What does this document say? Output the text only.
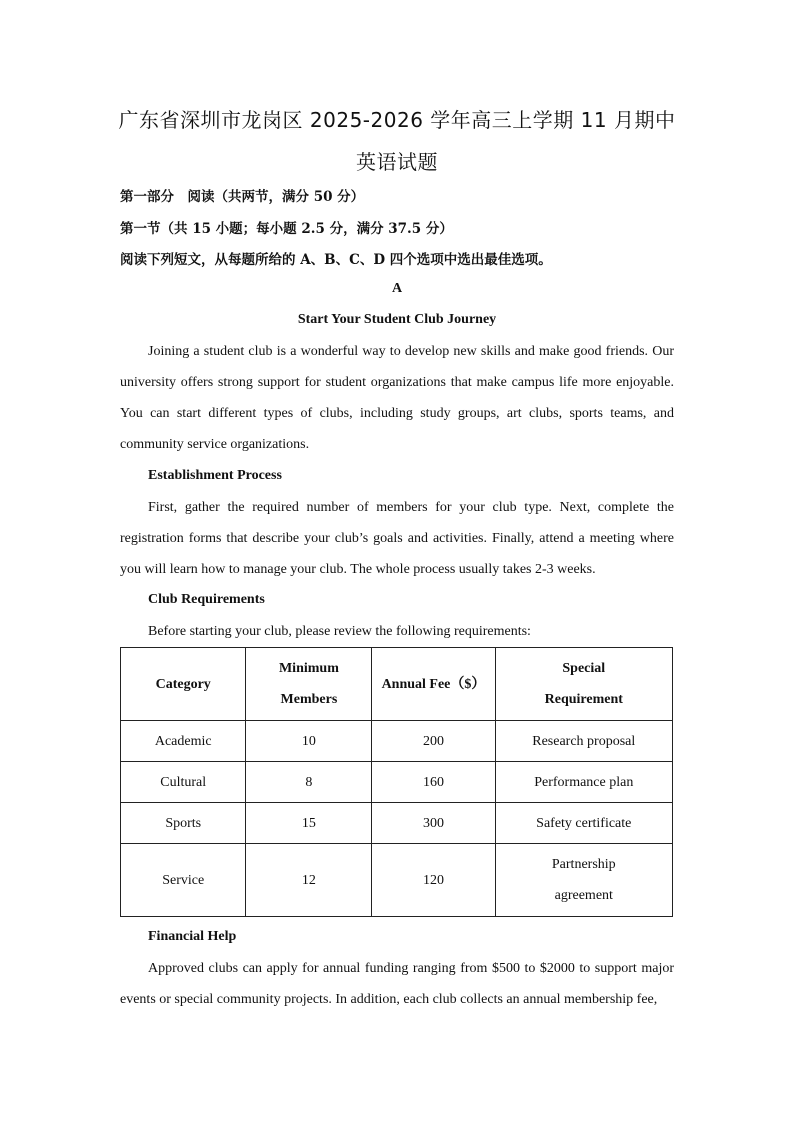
广东省深圳市龙岗区 2025-2026 学年高三上学期 11 月期中
英语试题
第一部分　阅读（共两节，满分 50 分）
第一节（共 15 小题；每小题 2.5 分，满分 37.5 分）
阅读下列短文，从每题所给的 A、B、C、D 四个选项中选出最佳选项。
A
Start Your Student Club Journey

Joining a student club is a wonderful way to develop new skills and make good friends. Our university offers strong support for student organizations that make campus life more enjoyable. You can start different types of clubs, including study groups, art clubs, sports teams, and community service organizations.

Establishment Process

First, gather the required number of members for your club type. Next, complete the registration forms that describe your club’s goals and activities. Finally, attend a meeting where you will learn how to manage your club. The whole process usually takes 2-3 weeks.

Club Requirements
Before starting your club, please review the following requirements:
Category	Minimum Members	Annual Fee（$）	Special Requirement
Academic	10	200	Research proposal
Cultural	8	160	Performance plan
Sports	15	300	Safety certificate
Service	12	120	Partnership agreement
Financial Help

Approved clubs can apply for annual funding ranging from $500 to $2000 to support major events or special community projects. In addition, each club collects an annual membership fee,
